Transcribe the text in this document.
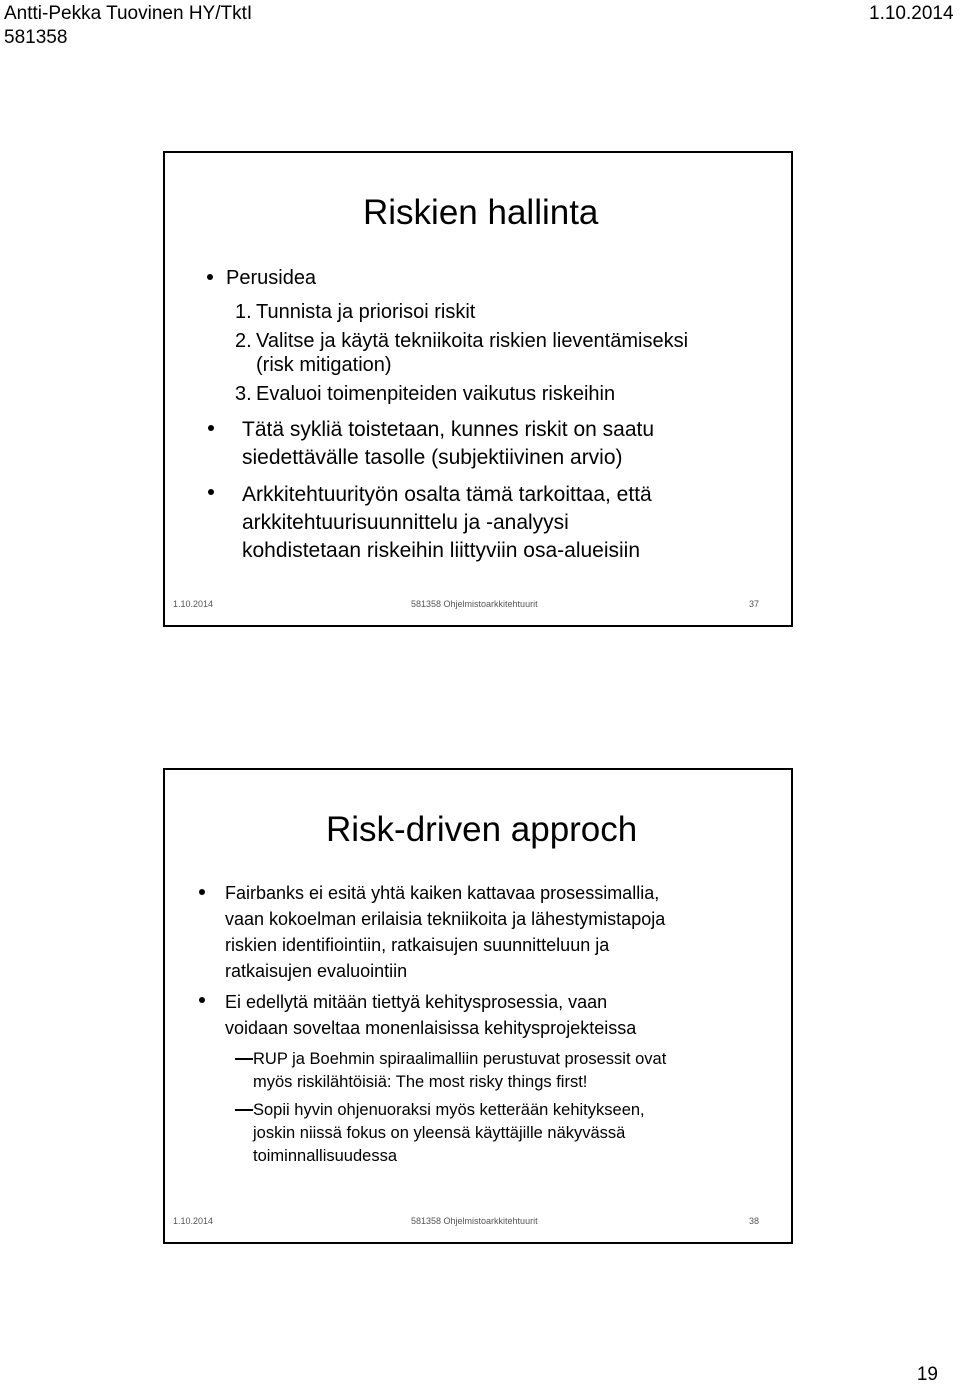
Antti-Pekka Tuovinen HY/TktI	1.10.2014
581358
Riskien hallinta
Perusidea
1. Tunnista ja priorisoi riskit
2. Valitse ja käytä tekniikoita riskien lieventämiseksi
(risk mitigation)
3. Evaluoi toimenpiteiden vaikutus riskeihin
Tätä sykliä toistetaan, kunnes riskit on saatu
siedettävälle tasolle (subjektiivinen arvio)
Arkkitehtuurityön osalta tämä tarkoittaa, että
arkkitehtuurisuunnittelu ja -analyysi
kohdistetaan riskeihin liittyviin osa-alueisiin
1.10.2014	581358 Ohjelmistoarkkitehtuurit	37
Risk-driven approch
Fairbanks ei esitä yhtä kaiken kattavaa prosessimallia,
vaan kokoelman erilaisia tekniikoita ja lähestymistapoja
riskien identifiointiin, ratkaisujen suunnitteluun ja
ratkaisujen evaluointiin
Ei edellytä mitään tiettyä kehitysprosessia, vaan
voidaan soveltaa monenlaisissa kehitysprojekteissa
RUP ja Boehmin spiraalimalliin perustuvat prosessit ovat
myös riskilähtöisiä: The most risky things first!
Sopii hyvin ohjenuoraksi myös ketterään kehitykseen,
joskin niissä fokus on yleensä käyttäjille näkyvässä
toiminnallisuudessa
1.10.2014	581358 Ohjelmistoarkkitehtuurit	38
19
